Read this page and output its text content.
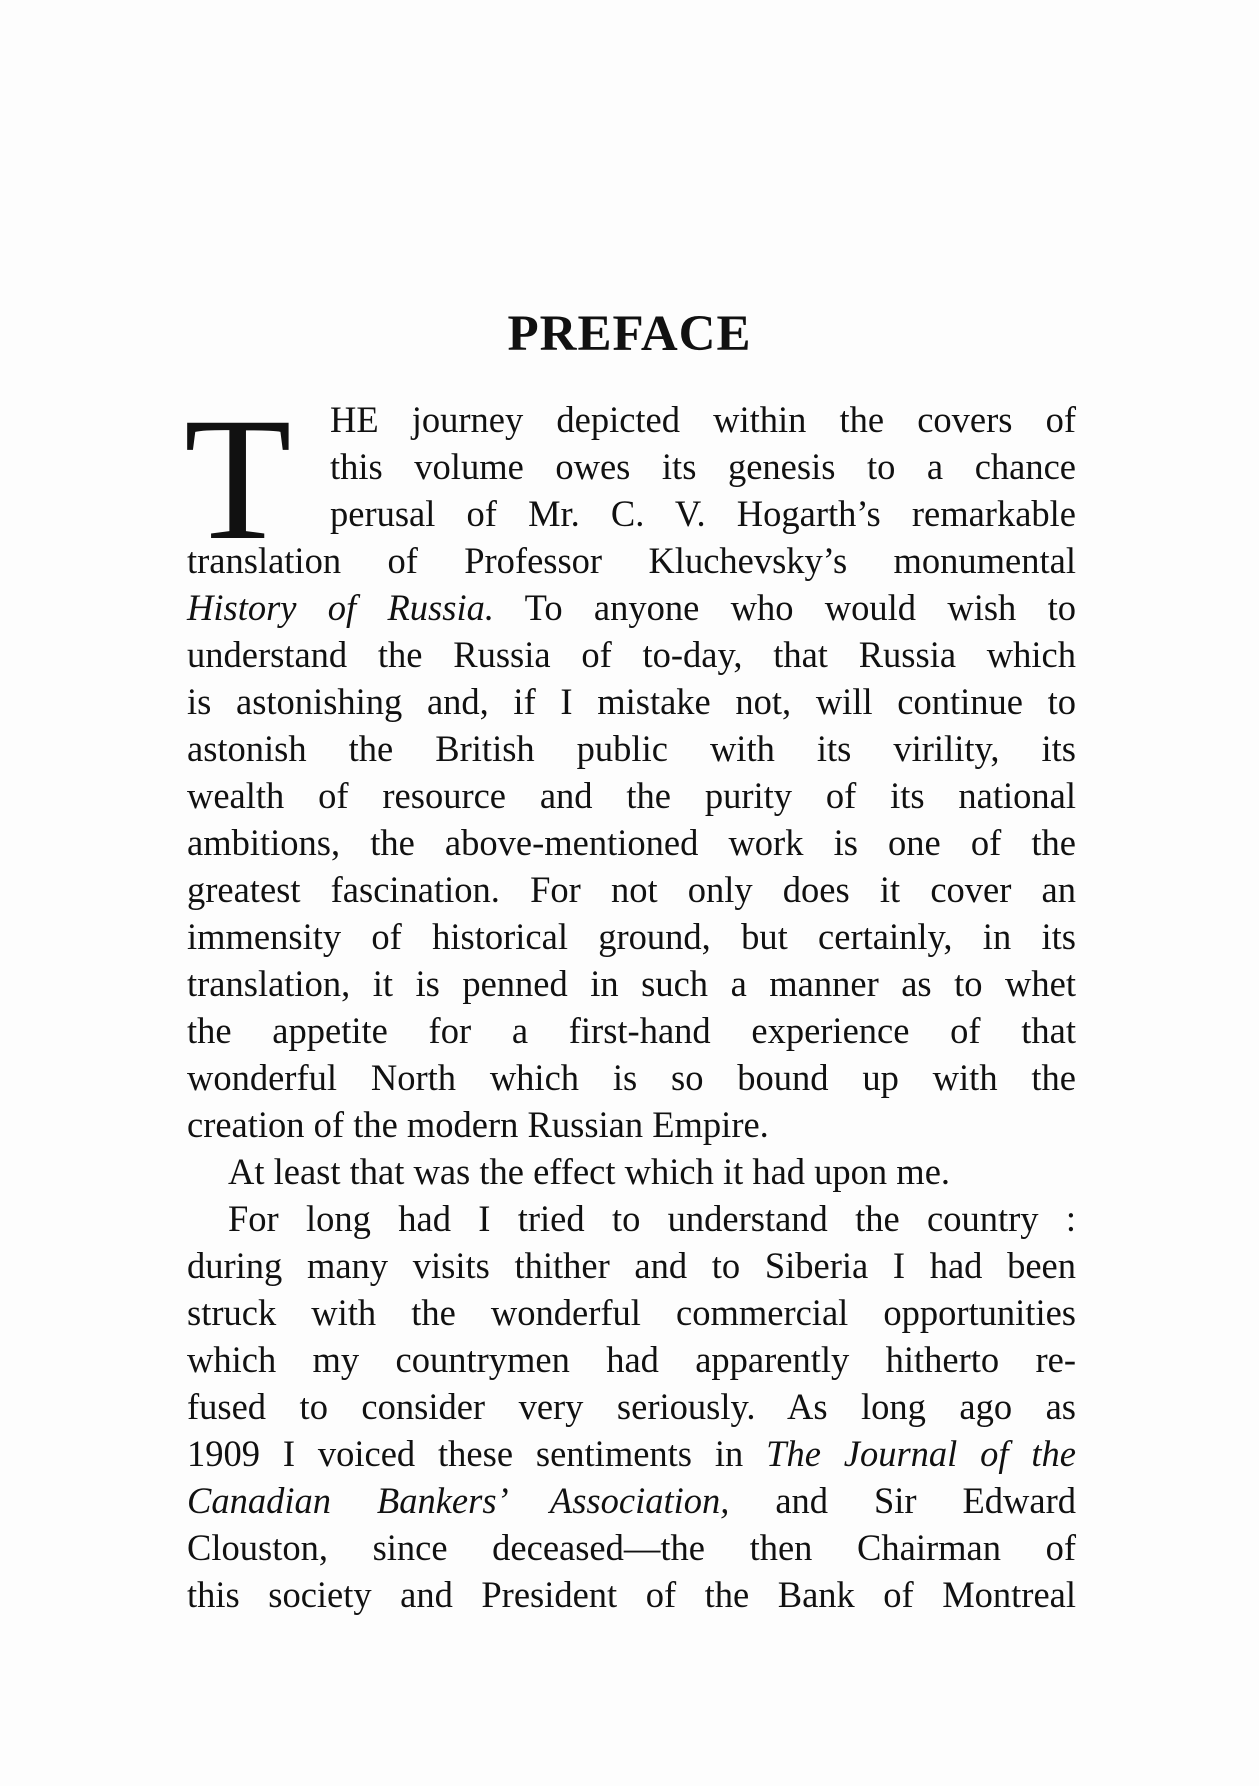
PREFACE
T HE journey depicted within the covers of
this volume owes its genesis to a chance
perusal of Mr. C. V. Hogarth’s remarkable
translation of Professor Kluchevsky’s monumental
History of Russia. To anyone who would wish to
understand the Russia of to-day, that Russia which
is astonishing and, if I mistake not, will continue to
astonish the British public with its virility, its
wealth of resource and the purity of its national
ambitions, the above-mentioned work is one of the
greatest fascination. For not only does it cover an
immensity of historical ground, but certainly, in its
translation, it is penned in such a manner as to whet
the appetite for a first-hand experience of that
wonderful North which is so bound up with the
creation of the modern Russian Empire.
At least that was the effect which it had upon me.
For long had I tried to understand the country :
during many visits thither and to Siberia I had been
struck with the wonderful commercial opportunities
which my countrymen had apparently hitherto re-
fused to consider very seriously. As long ago as
1909 I voiced these sentiments in The Journal of the
Canadian Bankers’ Association, and Sir Edward
Clouston, since deceased—the then Chairman of
this society and President of the Bank of Montreal
